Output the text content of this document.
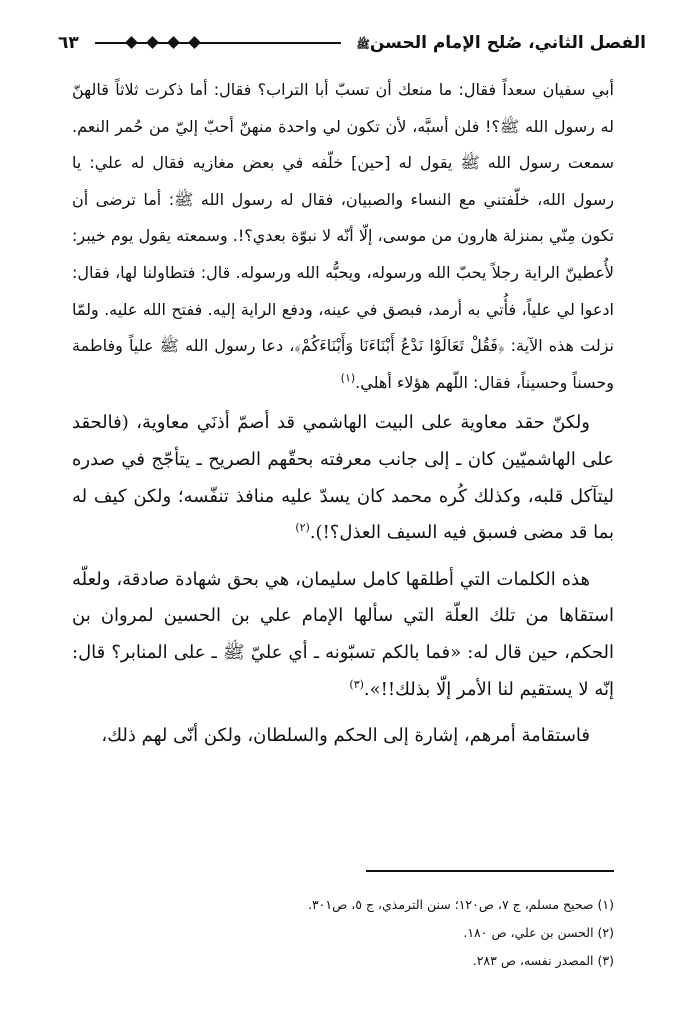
الفصل الثاني، صُلح الإمام الحسنﷺ
٦٣

أبي سفيان سعداً فقال: ما منعك أن تسبّ أبا التراب؟ فقال: أما ذكرت ثلاثاً قالهنّ له رسول الله ﷺ؟! فلن أسبَّه، لأن تكون لي واحدة منهنّ أحبّ إليّ من حُمر النعم. سمعت رسول الله ﷺ يقول له [حين] خلّفه في بعض مغازيه فقال له علي: يا رسول الله، خلّفتني مع النساء والصبيان، فقال له رسول الله ﷺ: أما ترضى أن تكون مِنّي بمنزلة هارون من موسى، إلّا أنّه لا نبوّة بعدي؟!. وسمعته يقول يوم خيبر: لأُعطينّ الراية رجلاً يحبّ الله ورسوله، ويحبُّه الله ورسوله. قال: فتطاولنا لها، فقال: ادعوا لي علياً، فأُتي به أرمد، فبصق في عينه، ودفع الراية إليه. ففتح الله عليه. ولمّا نزلت هذه الآية: ﴿فَقُلْ تَعَالَوْا نَدْعُ أَبْنَاءَنَا وَأَبْنَاءَكُمْ﴾، دعا رسول الله ﷺ علياً وفاطمة وحسناً وحسيناً، فقال: اللّهم هؤلاء أهلي.$^{(١)}$

ولكنّ حقد معاوية على البيت الهاشمي قد أصمّ أذنَي معاوية، (فالحقد على الهاشميّين كان ـ إلى جانب معرفته بحقّهم الصريح ـ يتأجّج في صدره ليتآكل قلبه، وكذلك كُره محمد كان يسدّ عليه منافذ تنفّسه؛ ولكن كيف له بما قد مضى فسبق فيه السيف العذل؟!).$^{(٢)}$

هذه الكلمات التي أطلقها كامل سليمان، هي بحق شهادة صادقة، ولعلّه استقاها من تلك العلّة التي سألها الإمام علي بن الحسين لمروان بن الحكم، حين قال له: «فما بالكم تسبّونه ـ أي عليّ ﷺ ـ على المنابر؟ قال: إنّه لا يستقيم لنا الأمر إلّا بذلك!!».$^{(٣)}$

فاستقامة أمرهم، إشارة إلى الحكم والسلطان، ولكن أنّى لهم ذلك،

(١) صحيح مسلم، ج ٧، ص١٢٠؛ سنن الترمذي، ج ٥، ص٣٠١.

(٢) الحسن بن علي، ص ١٨٠.

(٣) المصدر نفسه، ص ٢٨٣.
